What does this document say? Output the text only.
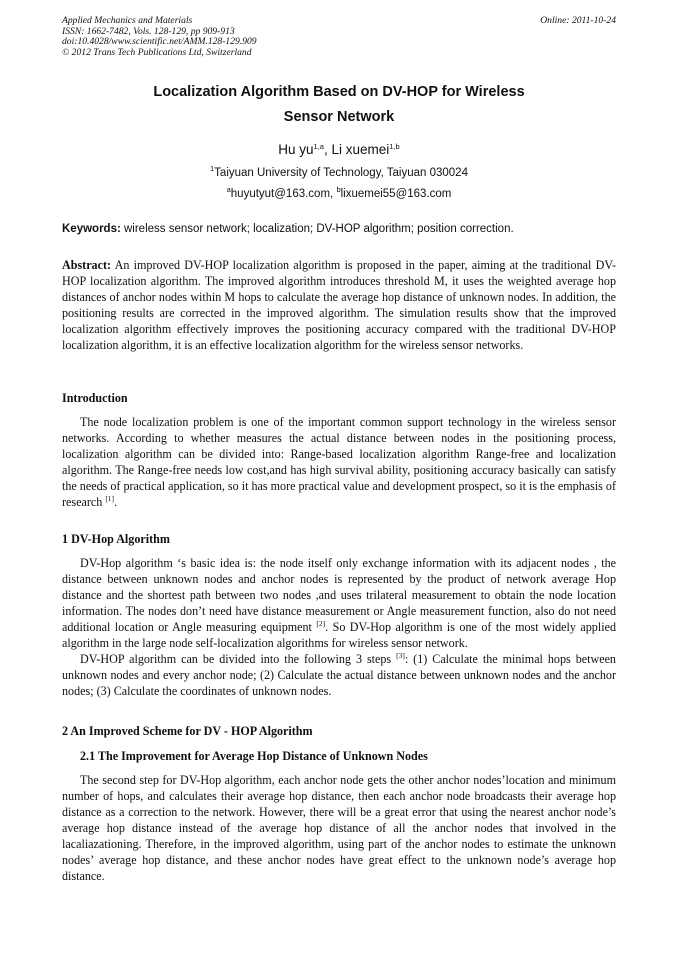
Applied Mechanics and Materials
ISSN: 1662-7482, Vols. 128-129, pp 909-913
doi:10.4028/www.scientific.net/AMM.128-129.909
© 2012 Trans Tech Publications Ltd, Switzerland
Online: 2011-10-24
Localization Algorithm Based on DV-HOP for Wireless
Sensor Network
Hu yu$^{1,a}$, Li xuemei$^{1,b}$
$^1$Taiyuan University of Technology, Taiyuan 030024
$^a$huyutyut@163.com, $^b$lixuemei55@163.com
Keywords: wireless sensor network; localization; DV-HOP algorithm; position correction.

Abstract: An improved DV-HOP localization algorithm is proposed in the paper, aiming at the traditional DV-HOP localization algorithm. The improved algorithm introduces threshold M, it uses the weighted average hop distances of anchor nodes within M hops to calculate the average hop distance of unknown nodes. In addition, the positioning results are corrected in the improved algorithm. The simulation results show that the improved localization algorithm effectively improves the positioning accuracy compared with the traditional DV-HOP localization algorithm, it is an effective localization algorithm for the wireless sensor networks.

Introduction

The node localization problem is one of the important common support technology in the wireless sensor networks. According to whether measures the actual distance between nodes in the positioning process, localization algorithm can be divided into: Range-based localization algorithm Range-free and localization algorithm. The Range-free needs low cost,and has high survival ability, positioning accuracy basically can satisfy the needs of practical application, so it has more practical value and development prospect, so it is the emphasis of research [1].

1 DV-Hop Algorithm

DV-Hop algorithm ‘s basic idea is: the node itself only exchange information with its adjacent nodes , the distance between unknown nodes and anchor nodes is represented by the product of network average Hop distance and the shortest path between two nodes ,and uses trilateral measurement to obtain the node location information. The nodes don’t need have distance measurement or Angle measurement function, also do not need additional location or Angle measuring equipment [2]. So DV-Hop algorithm is one of the most widely applied algorithm in the large node self-localization algorithms for wireless sensor network.

DV-HOP algorithm can be divided into the following 3 steps [3]: (1) Calculate the minimal hops between unknown nodes and every anchor node; (2) Calculate the actual distance between unknown nodes and the anchor nodes; (3) Calculate the coordinates of unknown nodes.

2 An Improved Scheme for DV - HOP Algorithm
2.1 The Improvement for Average Hop Distance of Unknown Nodes

The second step for DV-Hop algorithm, each anchor node gets the other anchor nodes’location and minimum number of hops, and calculates their average hop distance, then each anchor node broadcasts their average hop distance as a correction to the network. However, there will be a great error that using the nearest anchor node’s average hop distance instead of the average hop distance of all the anchor nodes that involved in the lacaliazationing. Therefore, in the improved algorithm, using part of the anchor nodes to estimate the unknown nodes’ average hop distance, and these anchor nodes have great effect to the unknown node’s average hop distance.
